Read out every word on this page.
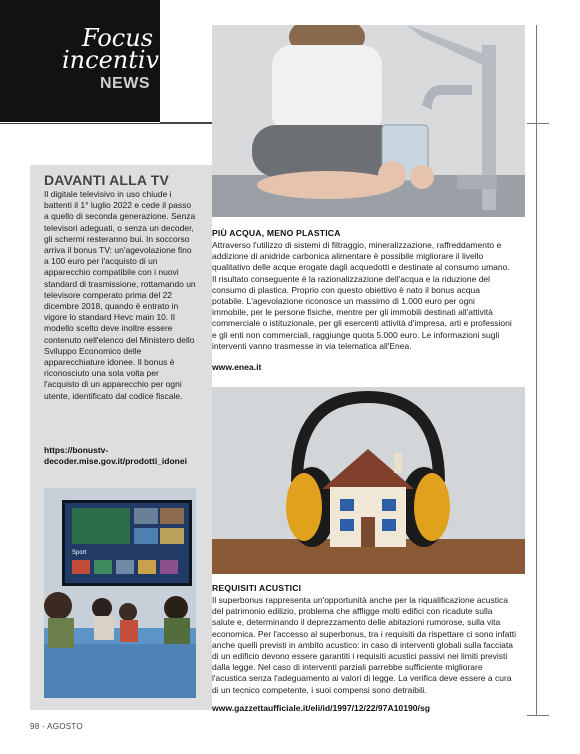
Focus
incentivi
NEWS
DAVANTI ALLA TV

Il digitale televisivo in uso chiude i battenti il 1° luglio 2022 e cede il passo a quello di seconda generazione. Senza televisori adeguati, o senza un decoder, gli schermi resteranno bui. In soccorso arriva il bonus TV: un'agevolazione fino a 100 euro per l'acquisto di un apparecchio compatibile con i nuovi standard di trasmissione, rottamando un televisore comperato prima del 22 dicembre 2018, quando è entrato in vigore lo standard Hevc main 10. Il modello scelto deve inoltre essere contenuto nell'elenco del Ministero dello Sviluppo Economico delle apparecchiature idonee. Il bonus è riconosciuto una sola volta per l'acquisto di un apparecchio per ogni utente, identificato dal codice fiscale.

https://bonustv-decoder.mise.gov.it/prodotti_idonei
Sport
PIÙ ACQUA, MENO PLASTICA
Attraverso l'utilizzo di sistemi di filtraggio, mineralizzazione, raffreddamento e addizione di anidride carbonica alimentare è possibile migliorare il livello qualitativo delle acque erogate dagli acquedotti e destinate al consumo umano. Il risultato conseguente è la razionalizzazione dell'acqua e la riduzione del consumo di plastica. Proprio con questo obiettivo è nato il bonus acqua potabile. L'agevolazione riconosce un massimo di 1.000 euro per ogni immobile, per le persone fisiche, mentre per gli immobili destinati all'attività commerciale o istituzionale, per gli esercenti attività d'impresa, arti e professioni e gli enti non commerciali, raggiunge quota 5.000 euro. Le informazioni sugli interventi vanno trasmesse in via telematica all'Enea.
www.enea.it
REQUISITI ACUSTICI
Il superbonus rappresenta un'opportunità anche per la riqualificazione acustica del patrimonio edilizio, problema che affligge molti edifici con ricadute sulla salute e, determinando il deprezzamento delle abitazioni rumorose, sulla vita economica. Per l'accesso al superbonus, tra i requisiti da rispettare ci sono infatti anche quelli previsti in ambito acustico: in caso di interventi globali sulla facciata di un edificio devono essere garantiti i requisiti acustici passivi nei limiti previsti dalla legge. Nel caso di interventi parziali parrebbe sufficiente migliorare l'acustica senza l'adeguamento ai valori di legge. La verifica deve essere a cura di un tecnico competente, i suoi compensi sono detraibili.
www.gazzettaufficiale.it/eli/id/1997/12/22/97A10190/sg
98 - AGOSTO
